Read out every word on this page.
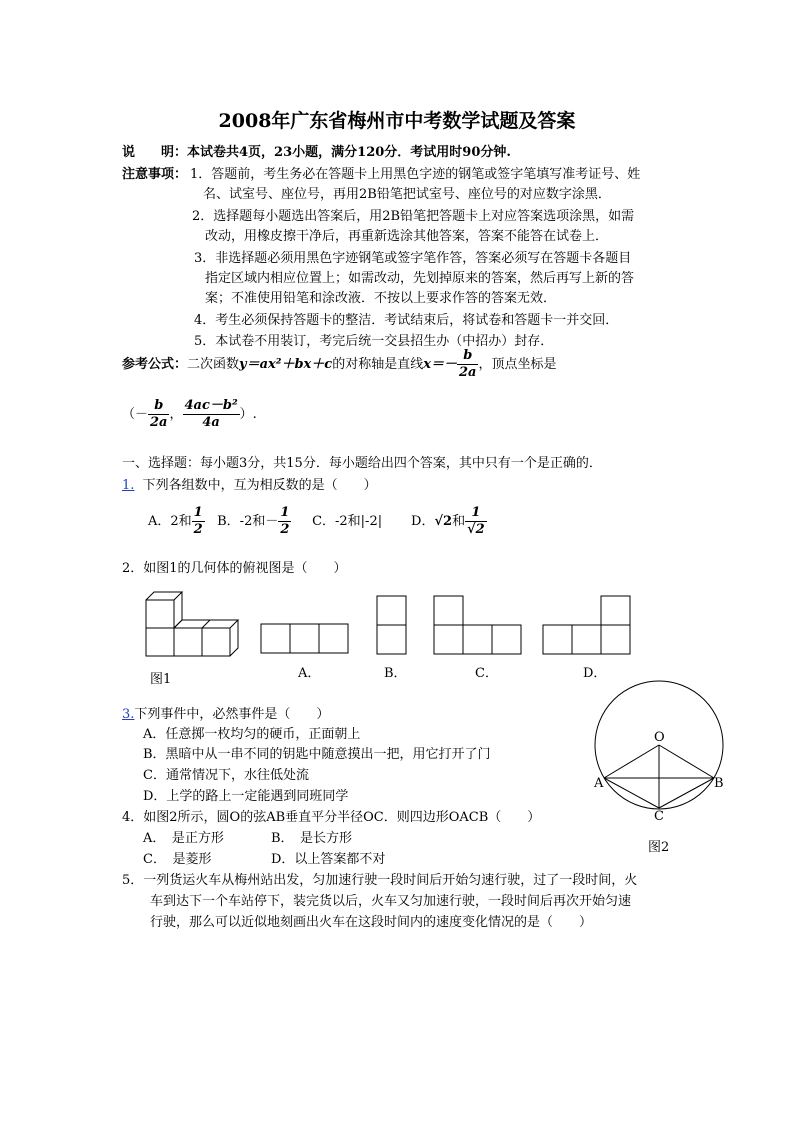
2008年广东省梅州市中考数学试题及答案
说　　明：本试卷共4页，23小题，满分120分．考试用时90分钟.
注意事项： 1．答题前，考生务必在答题卡上用黑色字迹的钢笔或签字笔填写准考证号、姓
名、试室号、座位号，再用2B铅笔把试室号、座位号的对应数字涂黑．
2．选择题每小题选出答案后，用2B铅笔把答题卡上对应答案选项涂黑，如需
改动，用橡皮擦干净后，再重新选涂其他答案，答案不能答在试卷上．
3．非选择题必须用黑色字迹钢笔或签字笔作答，答案必须写在答题卡各题目
指定区域内相应位置上；如需改动，先划掉原来的答案，然后再写上新的答
案；不准使用铅笔和涂改液．不按以上要求作答的答案无效．
4．考生必须保持答题卡的整洁．考试结束后，将试卷和答题卡一并交回．
5．本试卷不用装订，考完后统一交县招生办（中招办）封存．
参考公式：二次函数y＝ax²＋bx＋c的对称轴是直线$x=- \frac{b}{2a}$ ，顶点坐标是
（－ $\frac{b}{2a}$ ， $\frac{\text{4ac－b²}}{4a}$ ）.
一、选择题：每小题3分，共15分．每小题给出四个答案，其中只有一个是正确的．
1. 下列各组数中，互为相反数的是（　　）
A．2和 $\frac{1}{2}$ B．-2和－ $\frac{1}{2}$ C．-2和|-2| D．√2和 $\frac{1}{√2}$
2．如图1的几何体的俯视图是（　　）
图1	A．	B．	C．	D．
O
A	B
C
图2
3.下列事件中，必然事件是（　　）
A．任意掷一枚均匀的硬币，正面朝上
B．黑暗中从一串不同的钥匙中随意摸出一把，用它打开了门
C．通常情况下，水往低处流
D．上学的路上一定能遇到同班同学
4．如图2所示，圆O的弦AB垂直平分半径OC．则四边形OACB（　　）
A．　是正方形	B．　是长方形
C．　是菱形	D．以上答案都不对
5．一列货运火车从梅州站出发，匀加速行驶一段时间后开始匀速行驶，过了一段时间，火
车到达下一个车站停下，装完货以后，火车又匀加速行驶，一段时间后再次开始匀速
行驶，那么可以近似地刻画出火车在这段时间内的速度变化情况的是（　　）
